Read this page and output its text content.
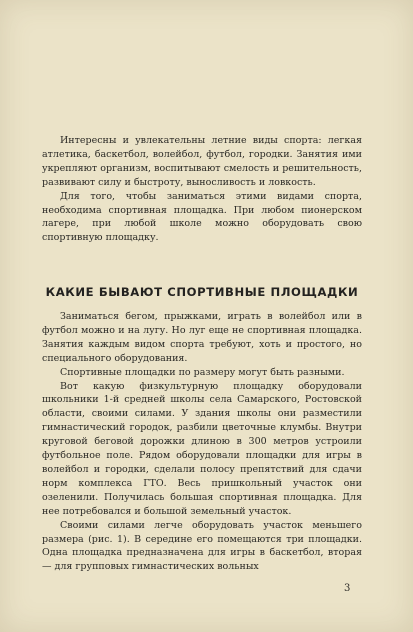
Интересны и увлекательны летние виды спорта: легкая атлетика, баскетбол, волейбол, футбол, городки. Занятия ими укрепляют организм, воспитывают смелость и решительность, развивают силу и быстроту, выносливость и ловкость.

Для того, чтобы заниматься этими видами спорта, необходима спортивная площадка. При любом пионерском лагере, при любой школе можно оборудовать свою спортивную площадку.

КАКИЕ БЫВАЮТ СПОРТИВНЫЕ ПЛОЩАДКИ

Заниматься бегом, прыжками, играть в волейбол или в футбол можно и на лугу. Но луг еще не спортивная площадка. Занятия каждым видом спорта требуют, хоть и простого, но специального оборудования.

Спортивные площадки по размеру могут быть разными.

Вот какую физкультурную площадку оборудовали школьники 1-й средней школы села Самарского, Ростовской области, своими силами. У здания школы они разместили гимнастический городок, разбили цветочные клумбы. Внутри круговой беговой дорожки длиною в 300 метров устроили футбольное поле. Рядом оборудовали площадки для игры в волейбол и городки, сделали полосу препятствий для сдачи норм комплекса ГТО. Весь пришкольный участок они озеленили. Получилась большая спортивная площадка. Для нее потребовался и большой земельный участок.

Своими силами легче оборудовать участок меньшего размера (рис. 1). В середине его помещаются три площадки. Одна площадка предназначена для игры в баскетбол, вторая — для групповых гимнастических вольных

3
